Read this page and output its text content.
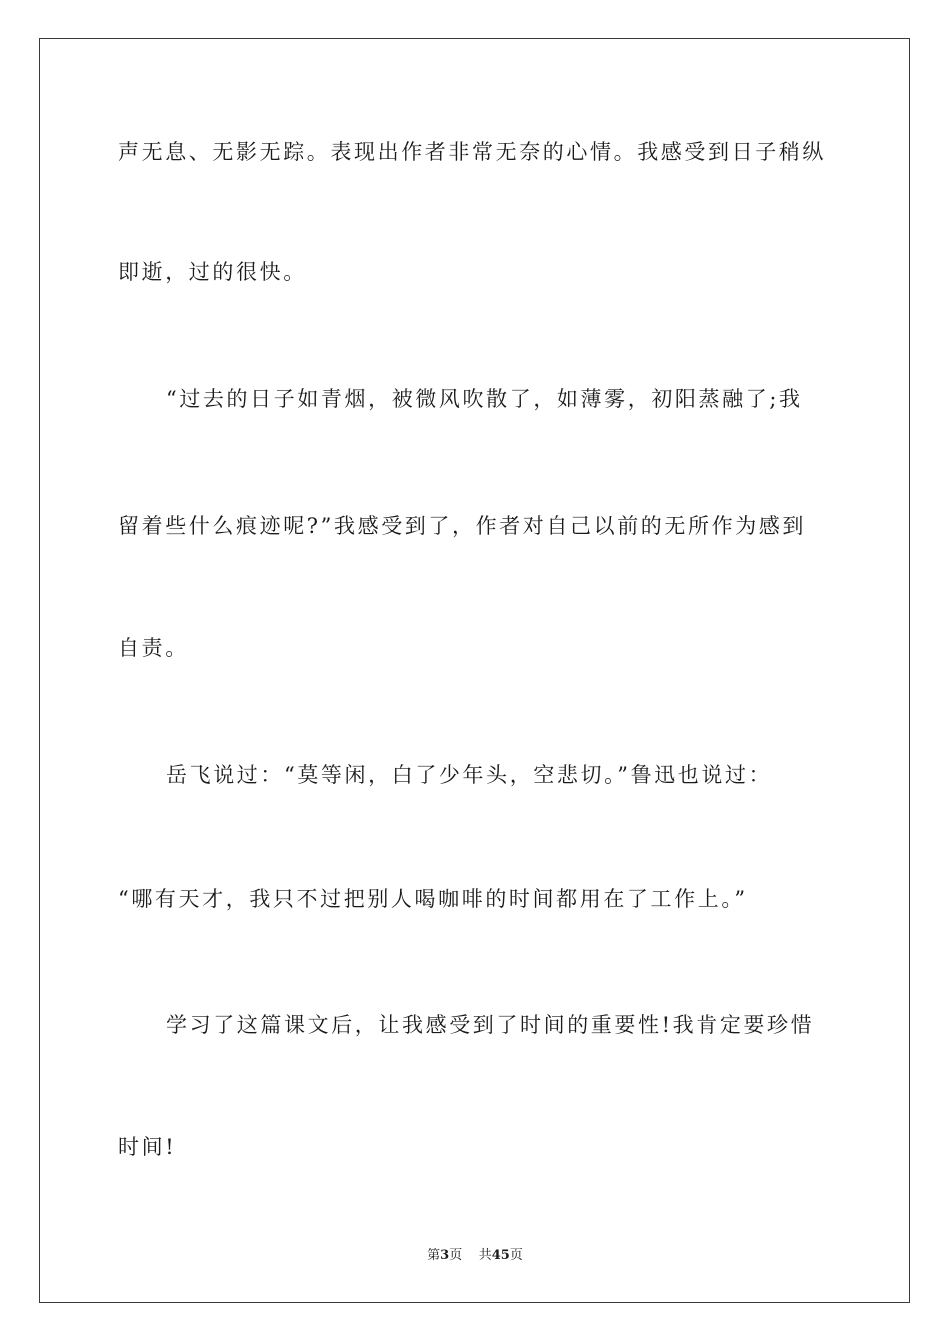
声无息、无影无踪。表现出作者非常无奈的心情。我感受到日子稍纵
即逝，过的很快。
“过去的日子如青烟，被微风吹散了，如薄雾，初阳蒸融了;我
留着些什么痕迹呢?”我感受到了，作者对自己以前的无所作为感到
自责。
岳飞说过：“莫等闲，白了少年头，空悲切。”鲁迅也说过：
“哪有天才，我只不过把别人喝咖啡的时间都用在了工作上。”
学习了这篇课文后，让我感受到了时间的重要性!我肯定要珍惜
时间!
第3页    共45页
